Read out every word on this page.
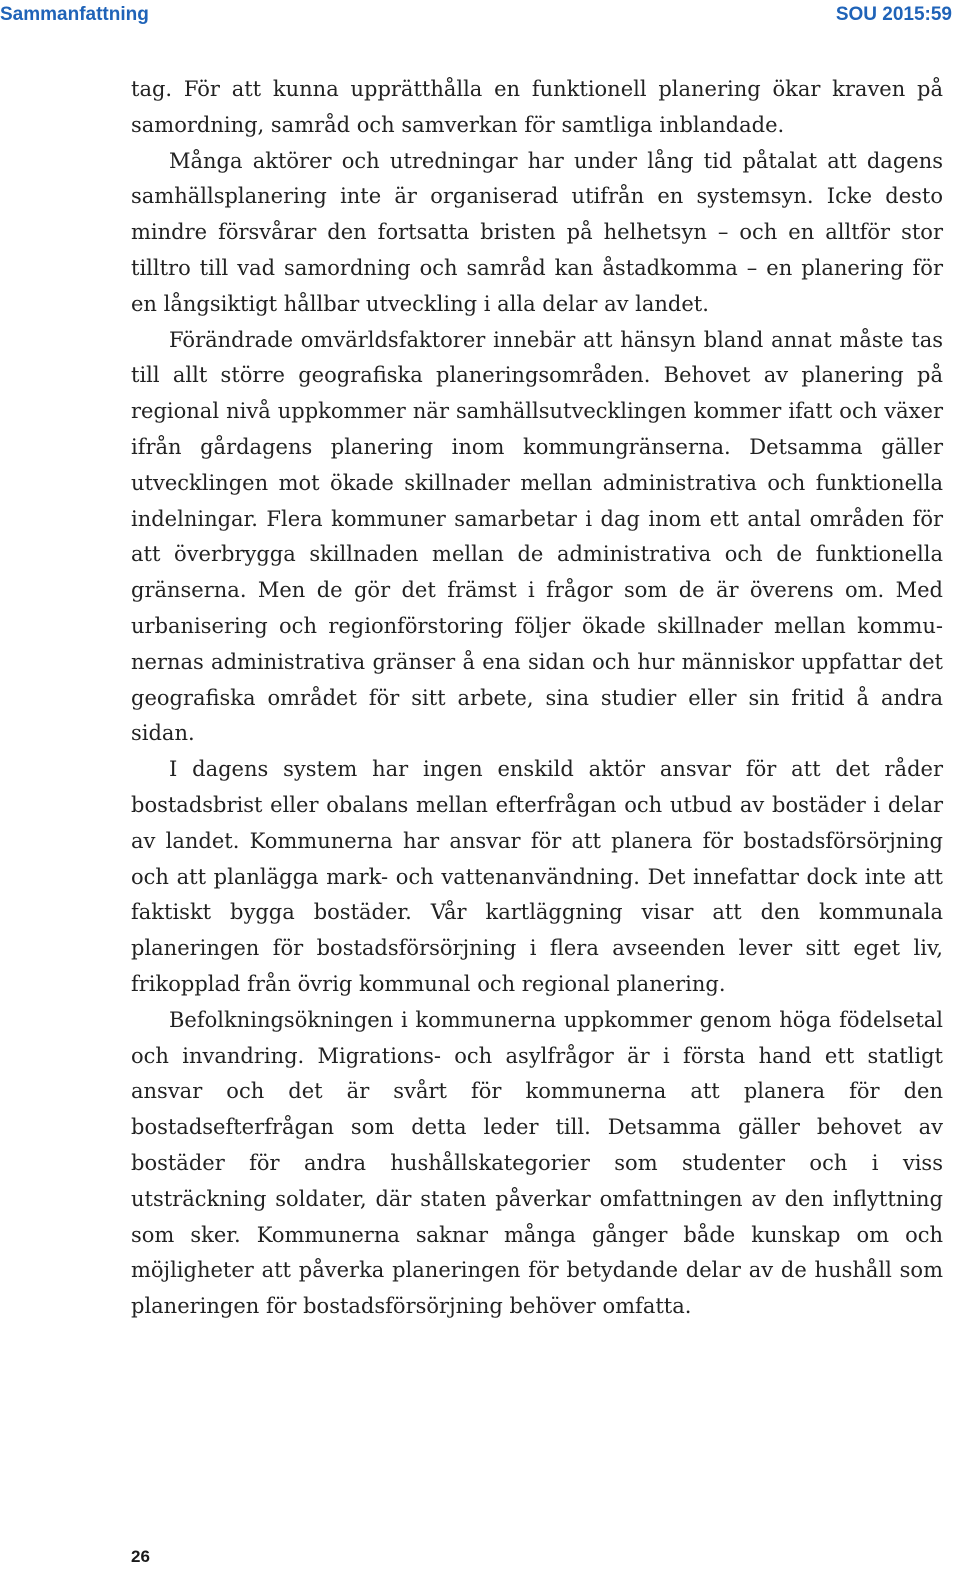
Sammanfattning	SOU 2015:59

tag. För att kunna upprätthålla en funktionell planering ökar kraven på samordning, samråd och samverkan för samtliga inblandade.

Många aktörer och utredningar har under lång tid påtalat att dagens samhällsplanering inte är organiserad utifrån en systemsyn. Icke desto mindre försvårar den fortsatta bristen på helhetsyn – och en alltför stor tilltro till vad samordning och samråd kan åstadkomma – en planering för en långsiktigt hållbar utveckling i alla delar av landet.

Förändrade omvärldsfaktorer innebär att hänsyn bland annat måste tas till allt större geografiska planeringsområden. Behovet av planering på regional nivå uppkommer när samhällsutvecklingen kommer ifatt och växer ifrån gårdagens planering inom kommungränserna. Detsamma gäller utvecklingen mot ökade skillnader mellan administrativa och funktionella indelningar. Flera kommuner samarbetar i dag inom ett antal områden för att överbrygga skillnaden mellan de administrativa och de funktionella gränserna. Men de gör det främst i frågor som de är överens om. Med urbanisering och regionförstoring följer ökade skillnader mellan kommunernas administrativa gränser å ena sidan och hur människor uppfattar det geografiska området för sitt arbete, sina studier eller sin fritid å andra sidan.

I dagens system har ingen enskild aktör ansvar för att det råder bostadsbrist eller obalans mellan efterfrågan och utbud av bostäder i delar av landet. Kommunerna har ansvar för att planera för bostadsförsörjning och att planlägga mark- och vattenanvändning. Det innefattar dock inte att faktiskt bygga bostäder. Vår kartläggning visar att den kommunala planeringen för bostadsförsörjning i flera avseenden lever sitt eget liv, frikopplad från övrig kommunal och regional planering.

Befolkningsökningen i kommunerna uppkommer genom höga födelsetal och invandring. Migrations- och asylfrågor är i första hand ett statligt ansvar och det är svårt för kommunerna att planera för den bostadsefterfrågan som detta leder till. Detsamma gäller behovet av bostäder för andra hushållskategorier som studenter och i viss utsträckning soldater, där staten påverkar omfattningen av den inflyttning som sker. Kommunerna saknar många gånger både kunskap om och möjligheter att påverka planeringen för betydande delar av de hushåll som planeringen för bostadsförsörjning behöver omfatta.

26
